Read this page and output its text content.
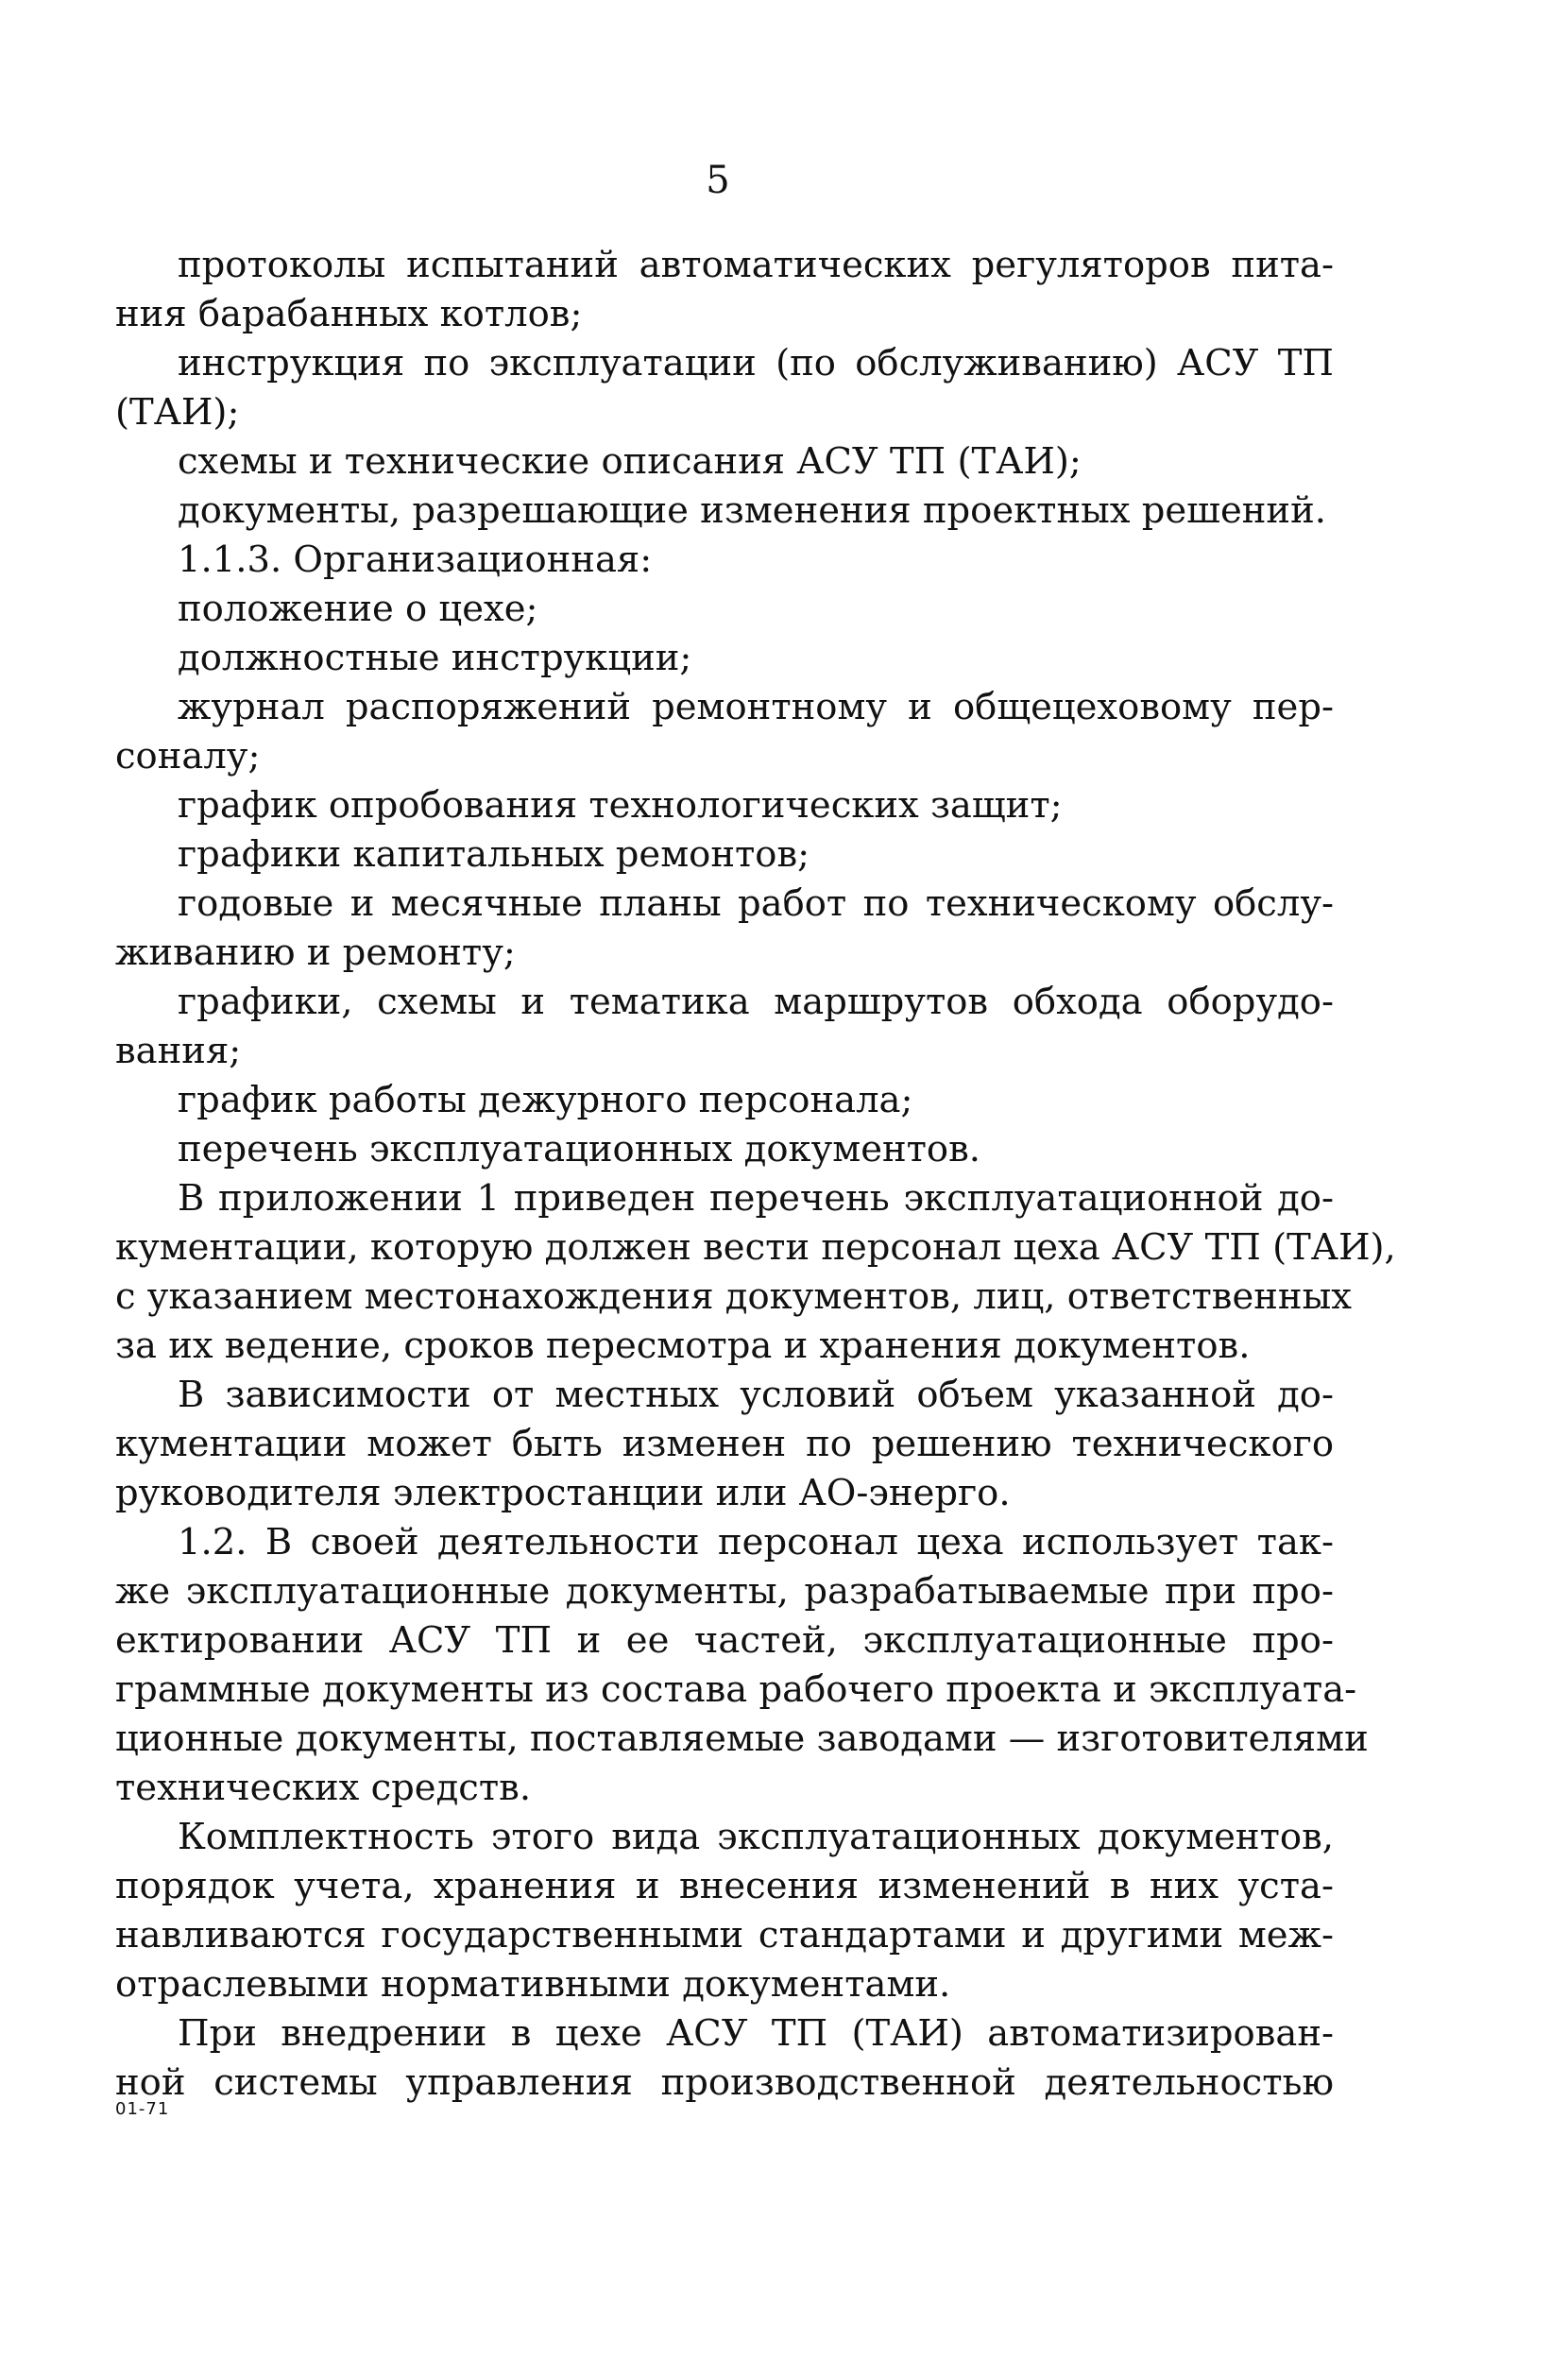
5
протоколы испытаний автоматических регуляторов пита-
ния барабанных котлов;
инструкция по эксплуатации (по обслуживанию) АСУ ТП
(ТАИ);
схемы и технические описания АСУ ТП (ТАИ);
документы, разрешающие изменения проектных решений.
1.1.3. Организационная:
положение о цехе;
должностные инструкции;
журнал распоряжений ремонтному и общецеховому пер-
соналу;
график опробования технологических защит;
графики капитальных ремонтов;
годовые и месячные планы работ по техническому обслу-
живанию и ремонту;
графики, схемы и тематика маршрутов обхода оборудо-
вания;
график работы дежурного персонала;
перечень эксплуатационных документов.
В приложении 1 приведен перечень эксплуатационной до-
кументации, которую должен вести персонал цеха АСУ ТП (ТАИ),
с указанием местонахождения документов, лиц, ответственных
за их ведение, сроков пересмотра и хранения документов.
В зависимости от местных условий объем указанной до-
кументации может быть изменен по решению технического
руководителя электростанции или АО-энерго.
1.2. В своей деятельности персонал цеха использует так-
же эксплуатационные документы, разрабатываемые при про-
ектировании АСУ ТП и ее частей, эксплуатационные про-
граммные документы из состава рабочего проекта и эксплуата-
ционные документы, поставляемые заводами — изготовителями
технических средств.
Комплектность этого вида эксплуатационных документов,
порядок учета, хранения и внесения изменений в них уста-
навливаются государственными стандартами и другими меж-
отраслевыми нормативными документами.
При внедрении в цехе АСУ ТП (ТАИ) автоматизирован-
ной системы управления производственной деятельностью
01-71
